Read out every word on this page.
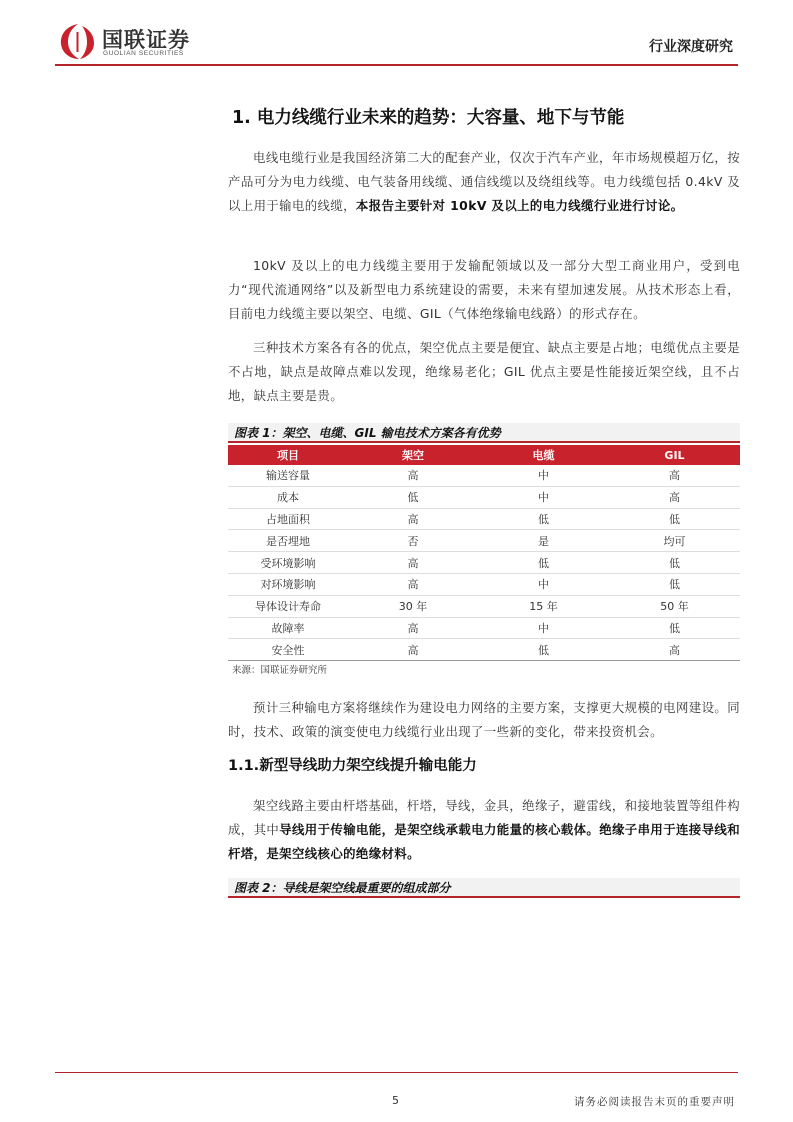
国联证券
GUOLIAN SECURITIES	行业深度研究
1. 电力线缆行业未来的趋势：大容量、地下与节能

电线电缆行业是我国经济第二大的配套产业，仅次于汽车产业，年市场规模超万亿，按产品可分为电力线缆、电气装备用线缆、通信线缆以及绕组线等。电力线缆包括 0.4kV 及以上用于输电的线缆，本报告主要针对 10kV 及以上的电力线缆行业进行讨论。

10kV 及以上的电力线缆主要用于发输配领域以及一部分大型工商业用户，受到电力“现代流通网络”以及新型电力系统建设的需要，未来有望加速发展。从技术形态上看，目前电力线缆主要以架空、电缆、GIL（气体绝缘输电线路）的形式存在。

三种技术方案各有各的优点，架空优点主要是便宜、缺点主要是占地；电缆优点主要是不占地，缺点是故障点难以发现，绝缘易老化；GIL 优点主要是性能接近架空线，且不占地，缺点主要是贵。

图表 1：架空、电缆、GIL 输电技术方案各有优势
项目	架空	电缆	GIL
输送容量	高	中	高
成本	低	中	高
占地面积	高	低	低
是否埋地	否	是	均可
受环境影响	高	低	低
对环境影响	高	中	低
导体设计寿命	30 年	15 年	50 年
故障率	高	中	低
安全性	高	低	高
来源：国联证券研究所

预计三种输电方案将继续作为建设电力网络的主要方案，支撑更大规模的电网建设。同时，技术、政策的演变使电力线缆行业出现了一些新的变化，带来投资机会。

1.1.新型导线助力架空线提升输电能力

架空线路主要由杆塔基础，杆塔，导线，金具，绝缘子，避雷线，和接地装置等组件构成，其中导线用于传输电能，是架空线承载电力能量的核心载体。绝缘子串用于连接导线和杆塔，是架空线核心的绝缘材料。

图表 2：导线是架空线最重要的组成部分
5	请务必阅读报告末页的重要声明
